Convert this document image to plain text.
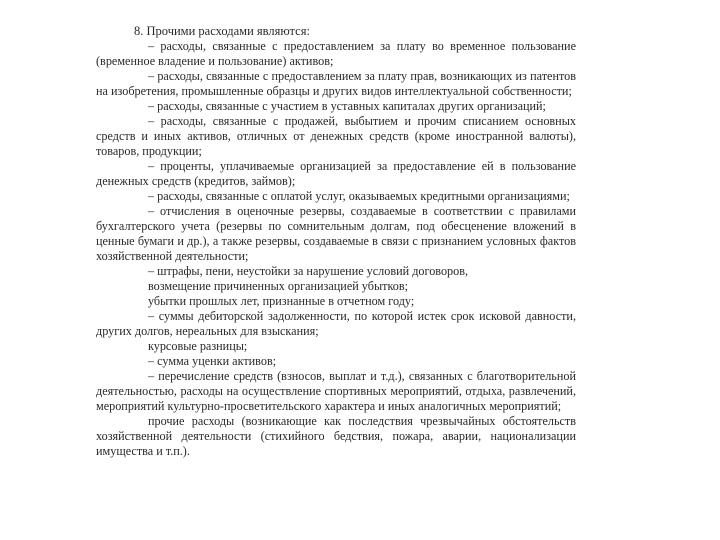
8. Прочими расходами являются:

– расходы, связанные с предоставлением за плату во временное пользование (временное владение и пользование) активов;

– расходы, связанные с предоставлением за плату прав, возникающих из патентов на изобретения, промышленные образцы и других видов интеллектуальной собственности;

– расходы, связанные с участием в уставных капиталах других организаций;

– расходы, связанные с продажей, выбытием и прочим списанием основных средств и иных активов, отличных от денежных средств (кроме иностранной валюты), товаров, продукции;

– проценты, уплачиваемые организацией за предоставление ей в пользование денежных средств (кредитов, займов);

– расходы, связанные с оплатой услуг, оказываемых кредитными организациями;

– отчисления в оценочные резервы, создаваемые в соответствии с правилами бухгалтерского учета (резервы по сомнительным долгам, под обесценение вложений в ценные бумаги и др.), а также резервы, создаваемые в связи с признанием условных фактов хозяйственной деятельности;

– штрафы, пени, неустойки за нарушение условий договоров,

возмещение причиненных организацией убытков;

убытки прошлых лет, признанные в отчетном году;

– суммы дебиторской задолженности, по которой истек срок исковой давности, других долгов, нереальных для взыскания;

курсовые разницы;

– сумма уценки активов;

– перечисление средств (взносов, выплат и т.д.), связанных с благотворительной деятельностью, расходы на осуществление спортивных мероприятий, отдыха, развлечений, мероприятий культурно-просветительского характера и иных аналогичных мероприятий;

прочие расходы (возникающие как последствия чрезвычайных обстоятельств хозяйственной деятельности (стихийного бедствия, пожара, аварии, национализации имущества и т.п.).
